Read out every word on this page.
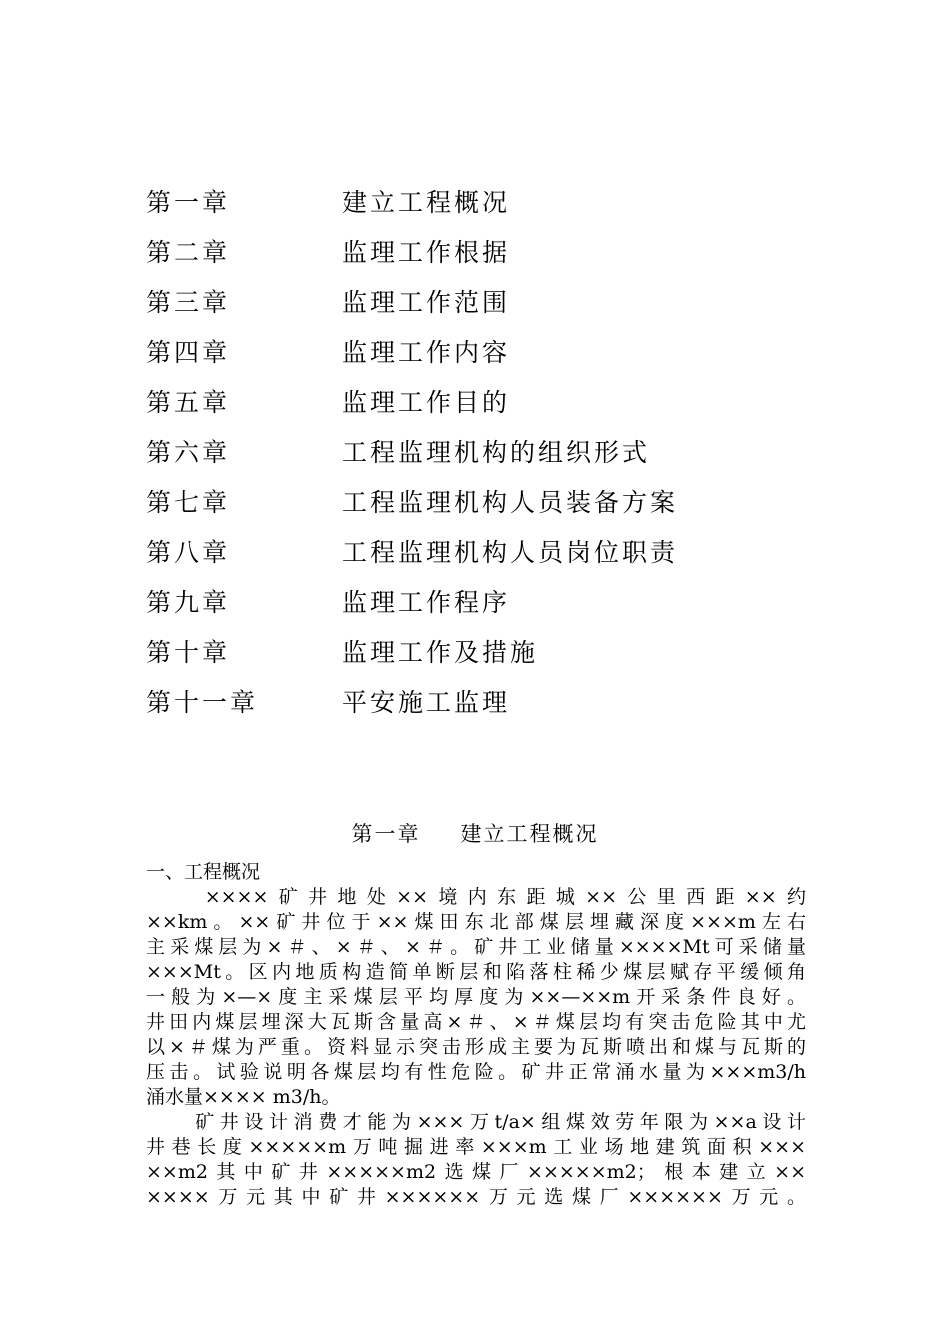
第一章	建立工程概况
第二章	监理工作根据
第三章	监理工作范围
第四章	监理工作内容
第五章	监理工作目的
第六章	工程监理机构的组织形式
第七章	工程监理机构人员装备方案
第八章	工程监理机构人员岗位职责
第九章	监理工作程序
第十章	监理工作及措施
第十一章	平安施工监理
第一章 建立工程概况
一、工程概况
　　××××矿井地处××境内东距城××公里西距××约
××km。××矿井位于××煤田东北部煤层埋藏深度×××m左右
主采煤层为×＃、×＃、×＃。矿井工业储量××××Mt可采储量
×××Mt。区内地质构造简单断层和陷落柱稀少煤层赋存平缓倾角
一般为×—×度主采煤层平均厚度为××—××m开采条件良好。
井田内煤层埋深大瓦斯含量高×＃、×＃煤层均有突击危险其中尤
以×＃煤为严重。资料显示突击形成主要为瓦斯喷出和煤与瓦斯的
压击。试验说明各煤层均有性危险。矿井正常涌水量为×××m3/h
涌水量×××× m3/h。
　　矿井设计消费才能为×××万t/a×组煤效劳年限为××a设计
井巷长度×××××m万吨掘进率×××m工业场地建筑面积×××
××m2其中矿井×××××m2选煤厂×××××m2；根本建立××
××××万元其中矿井××××××万元选煤厂××××××万元。
